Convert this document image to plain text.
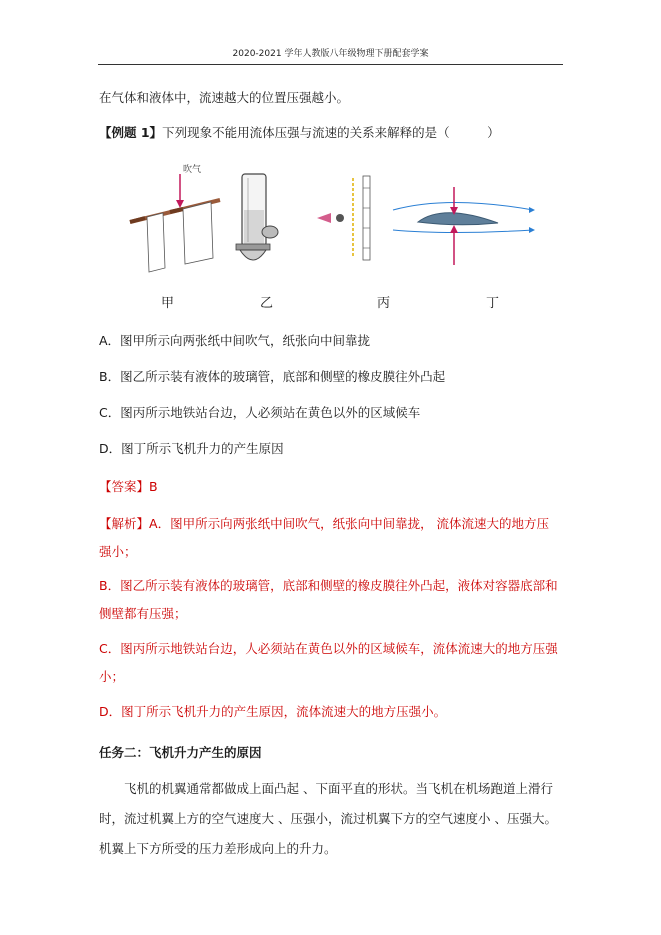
2020-2021 学年人教版八年级物理下册配套学案
在气体和液体中，流速越大的位置压强越小。
【例题 1】下列现象不能用流体压强与流速的关系来解释的是（　　　）
吹气
甲	乙	丙	丁
A．图甲所示向两张纸中间吹气，纸张向中间靠拢
B．图乙所示装有液体的玻璃管，底部和侧壁的橡皮膜往外凸起
C．图丙所示地铁站台边，人必须站在黄色以外的区域候车
D．图丁所示飞机升力的产生原因
【答案】B
【解析】A．图甲所示向两张纸中间吹气，纸张向中间靠拢， 流体流速大的地方压强小；
B．图乙所示装有液体的玻璃管，底部和侧壁的橡皮膜往外凸起，液体对容器底部和侧壁都有压强；
C．图丙所示地铁站台边，人必须站在黄色以外的区域候车，流体流速大的地方压强小；
D．图丁所示飞机升力的产生原因，流体流速大的地方压强小。
任务二：飞机升力产生的原因
飞机的机翼通常都做成上面凸起 、下面平直的形状。当飞机在机场跑道上滑行时，流过机翼上方的空气速度大 、压强小，流过机翼下方的空气速度小 、压强大。机翼上下方所受的压力差形成向上的升力。
